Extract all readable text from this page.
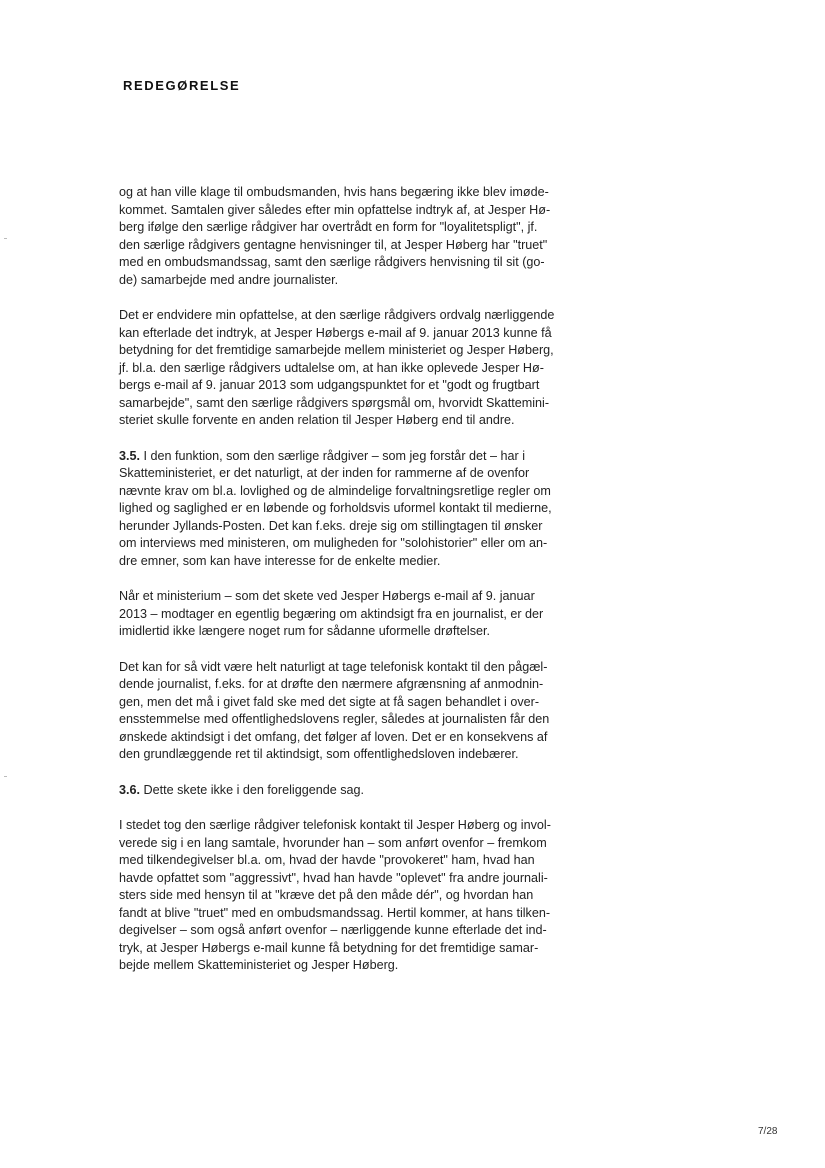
REDEGØRELSE
og at han ville klage til ombudsmanden, hvis hans begæring ikke blev imøde-
kommet. Samtalen giver således efter min opfattelse indtryk af, at Jesper Hø-
berg ifølge den særlige rådgiver har overtrådt en form for "loyalitetspligt", jf.
den særlige rådgivers gentagne henvisninger til, at Jesper Høberg har "truet"
med en ombudsmandssag, samt den særlige rådgivers henvisning til sit (go-
de) samarbejde med andre journalister.
Det er endvidere min opfattelse, at den særlige rådgivers ordvalg nærliggende
kan efterlade det indtryk, at Jesper Høbergs e-mail af 9. januar 2013 kunne få
betydning for det fremtidige samarbejde mellem ministeriet og Jesper Høberg,
jf. bl.a. den særlige rådgivers udtalelse om, at han ikke oplevede Jesper Hø-
bergs e-mail af 9. januar 2013 som udgangspunktet for et "godt og frugtbart
samarbejde", samt den særlige rådgivers spørgsmål om, hvorvidt Skattemini-
steriet skulle forvente en anden relation til Jesper Høberg end til andre.
3.5. I den funktion, som den særlige rådgiver – som jeg forstår det – har i
Skatteministeriet, er det naturligt, at der inden for rammerne af de ovenfor
nævnte krav om bl.a. lovlighed og de almindelige forvaltningsretlige regler om
lighed og saglighed er en løbende og forholdsvis uformel kontakt til medierne,
herunder Jyllands-Posten. Det kan f.eks. dreje sig om stillingtagen til ønsker
om interviews med ministeren, om muligheden for "solohistorier" eller om an-
dre emner, som kan have interesse for de enkelte medier.
Når et ministerium – som det skete ved Jesper Høbergs e-mail af 9. januar
2013 – modtager en egentlig begæring om aktindsigt fra en journalist, er der
imidlertid ikke længere noget rum for sådanne uformelle drøftelser.
Det kan for så vidt være helt naturligt at tage telefonisk kontakt til den pågæl-
dende journalist, f.eks. for at drøfte den nærmere afgrænsning af anmodnin-
gen, men det må i givet fald ske med det sigte at få sagen behandlet i over-
ensstemmelse med offentlighedslovens regler, således at journalisten får den
ønskede aktindsigt i det omfang, det følger af loven. Det er en konsekvens af
den grundlæggende ret til aktindsigt, som offentlighedsloven indebærer.
3.6. Dette skete ikke i den foreliggende sag.
I stedet tog den særlige rådgiver telefonisk kontakt til Jesper Høberg og invol-
verede sig i en lang samtale, hvorunder han – som anført ovenfor – fremkom
med tilkendegivelser bl.a. om, hvad der havde "provokeret" ham, hvad han
havde opfattet som "aggressivt", hvad han havde "oplevet" fra andre journali-
sters side med hensyn til at "kræve det på den måde dér", og hvordan han
fandt at blive "truet" med en ombudsmandssag. Hertil kommer, at hans tilken-
degivelser – som også anført ovenfor – nærliggende kunne efterlade det ind-
tryk, at Jesper Høbergs e-mail kunne få betydning for det fremtidige samar-
bejde mellem Skatteministeriet og Jesper Høberg.
7/28
